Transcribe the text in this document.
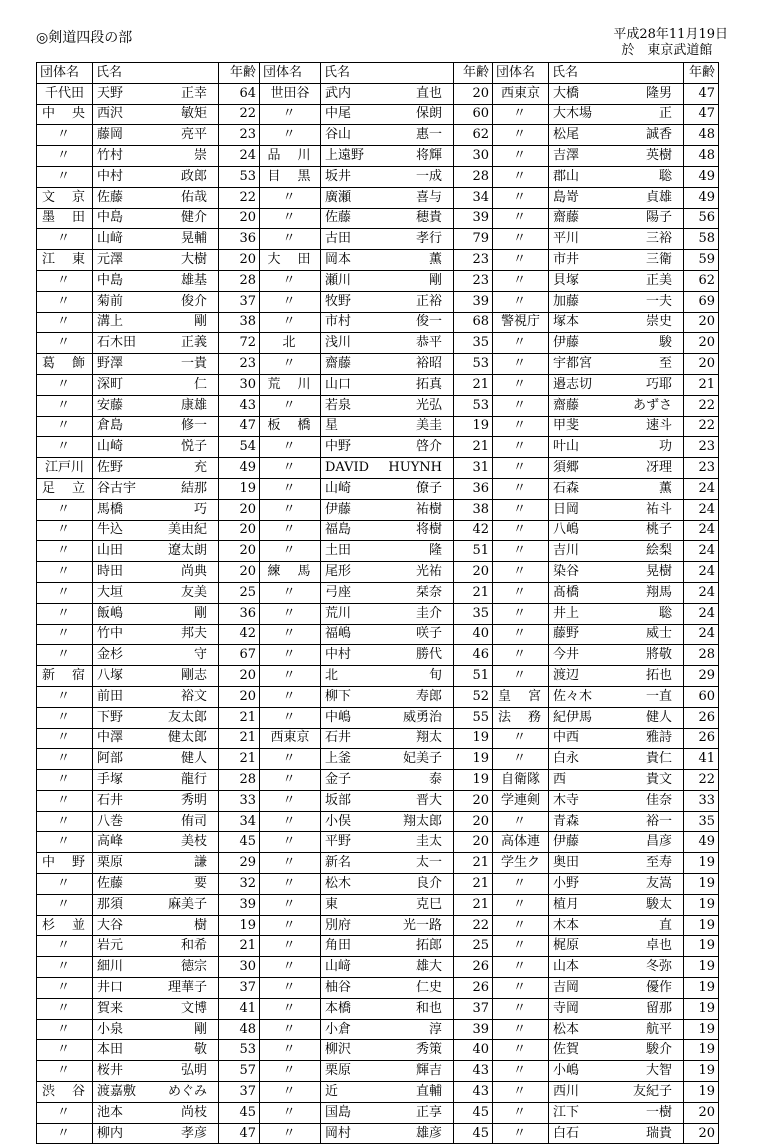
◎剣道四段の部	平成28年11月19日
於　東京武道館
団体名	氏名	年齢
千代田	天野 正幸	64
中　央	西沢 敏矩	22
〃	藤岡 亮平	23
〃	竹村 崇	24
〃	中村 政郎	53
文　京	佐藤 佑哉	22
墨　田	中島 健介	20
〃	山﨑 晃輔	36
江　東	元澤 大樹	20
〃	中島 雄基	28
〃	菊前 俊介	37
〃	溝上 剛	38
〃	石木田 正義	72
葛　飾	野澤 一貴	23
〃	深町 仁	30
〃	安藤 康雄	43
〃	倉島 修一	47
〃	山崎 悦子	54
江戸川	佐野 充	49
足　立	谷古宇 結那	19
〃	馬橋 巧	20
〃	牛込 美由紀	20
〃	山田 遼太朗	20
〃	時田 尚典	20
〃	大垣 友美	25
〃	飯嶋 剛	36
〃	竹中 邦夫	42
〃	金杉 守	67
新　宿	八塚 剛志	20
〃	前田 裕文	20
〃	下野 友太郎	21
〃	中澤 健太郎	21
〃	阿部 健人	21
〃	手塚 龍行	28
〃	石井 秀明	33
〃	八巻 侑司	34
〃	高峰 美枝	45
中　野	栗原 謙	29
〃	佐藤 要	32
〃	那須 麻美子	39
杉　並	大谷 樹	19
〃	岩元 和希	21
〃	細川 徳宗	30
〃	井口 理華子	37
〃	賀来 文博	41
〃	小泉 剛	48
〃	本田 敬	53
〃	桜井 弘明	57
渋　谷	渡嘉敷 めぐみ	37
〃	池本 尚枝	45
〃	柳内 孝彦	47
団体名	氏名	年齢
世田谷	武内 直也	20
〃	中尾 保朗	60
〃	谷山 惠一	62
品　川	上遠野 将輝	30
目　黒	坂井 一成	28
〃	廣瀬 喜与	34
〃	佐藤 穂貴	39
〃	古田 孝行	79
大　田	岡本 薫	23
〃	瀬川 剛	23
〃	牧野 正裕	39
〃	市村 俊一	68
北	浅川 恭平	35
〃	齋藤 裕昭	53
荒　川	山口 拓真	21
〃	若泉 光弘	53
板　橋	星 美圭	19
〃	中野 啓介	21
〃	DAVID HUYNH	31
〃	山崎 僚子	36
〃	伊藤 祐樹	38
〃	福島 将樹	42
〃	土田 隆	51
練　馬	尾形 光祐	20
〃	弓座 栞奈	21
〃	荒川 圭介	35
〃	福嶋 咲子	40
〃	中村 勝代	46
〃	北 旬	51
〃	柳下 寿郎	52
〃	中嶋 威勇治	55
西東京	石井 翔太	19
〃	上釜 妃美子	19
〃	金子 泰	19
〃	坂部 晋大	20
〃	小俣 翔太郎	20
〃	平野 圭太	20
〃	新名 太一	21
〃	松木 良介	21
〃	東 克巳	21
〃	別府 光一路	22
〃	角田 拓郎	25
〃	山﨑 雄大	26
〃	柚谷 仁史	26
〃	本橋 和也	37
〃	小倉 淳	39
〃	柳沢 秀策	40
〃	栗原 輝吉	43
〃	近 直輔	43
〃	国島 正享	45
〃	岡村 雄彦	45
団体名	氏名	年齢
西東京	大橋 隆男	47
〃	大木場 正	47
〃	松尾 誠香	48
〃	吉澤 英樹	48
〃	郡山 聡	49
〃	島嵜 貞雄	49
〃	齋藤 陽子	56
〃	平川 三裕	58
〃	市井 三衛	59
〃	貝塚 正美	62
〃	加藤 一夫	69
警視庁	塚本 崇史	20
〃	伊藤 駿	20
〃	宇都宮 至	20
〃	邉志切 巧耶	21
〃	齋藤 あずさ	22
〃	甲斐 速斗	22
〃	叶山 功	23
〃	須郷 冴理	23
〃	石森 薫	24
〃	日岡 祐斗	24
〃	八嶋 桃子	24
〃	吉川 絵梨	24
〃	染谷 晃樹	24
〃	髙橋 翔馬	24
〃	井上 聡	24
〃	藤野 威士	24
〃	今井 將敬	28
〃	渡辺 拓也	29
皇　宮	佐々木 一直	60
法　務	紀伊馬 健人	26
〃	中西 雅詩	26
〃	白永 貴仁	41
自衛隊	西 貴文	22
学連剣	木寺 佳奈	33
〃	青森 裕一	35
高体連	伊藤 昌彦	49
学生ク	奥田 至寿	19
〃	小野 友嵩	19
〃	植月 駿太	19
〃	木本 直	19
〃	梶原 卓也	19
〃	山本 冬弥	19
〃	吉岡 優作	19
〃	寺岡 留那	19
〃	松本 航平	19
〃	佐賀 駿介	19
〃	小嶋 大智	19
〃	西川 友紀子	19
〃	江下 一樹	20
〃	白石 瑞貴	20
